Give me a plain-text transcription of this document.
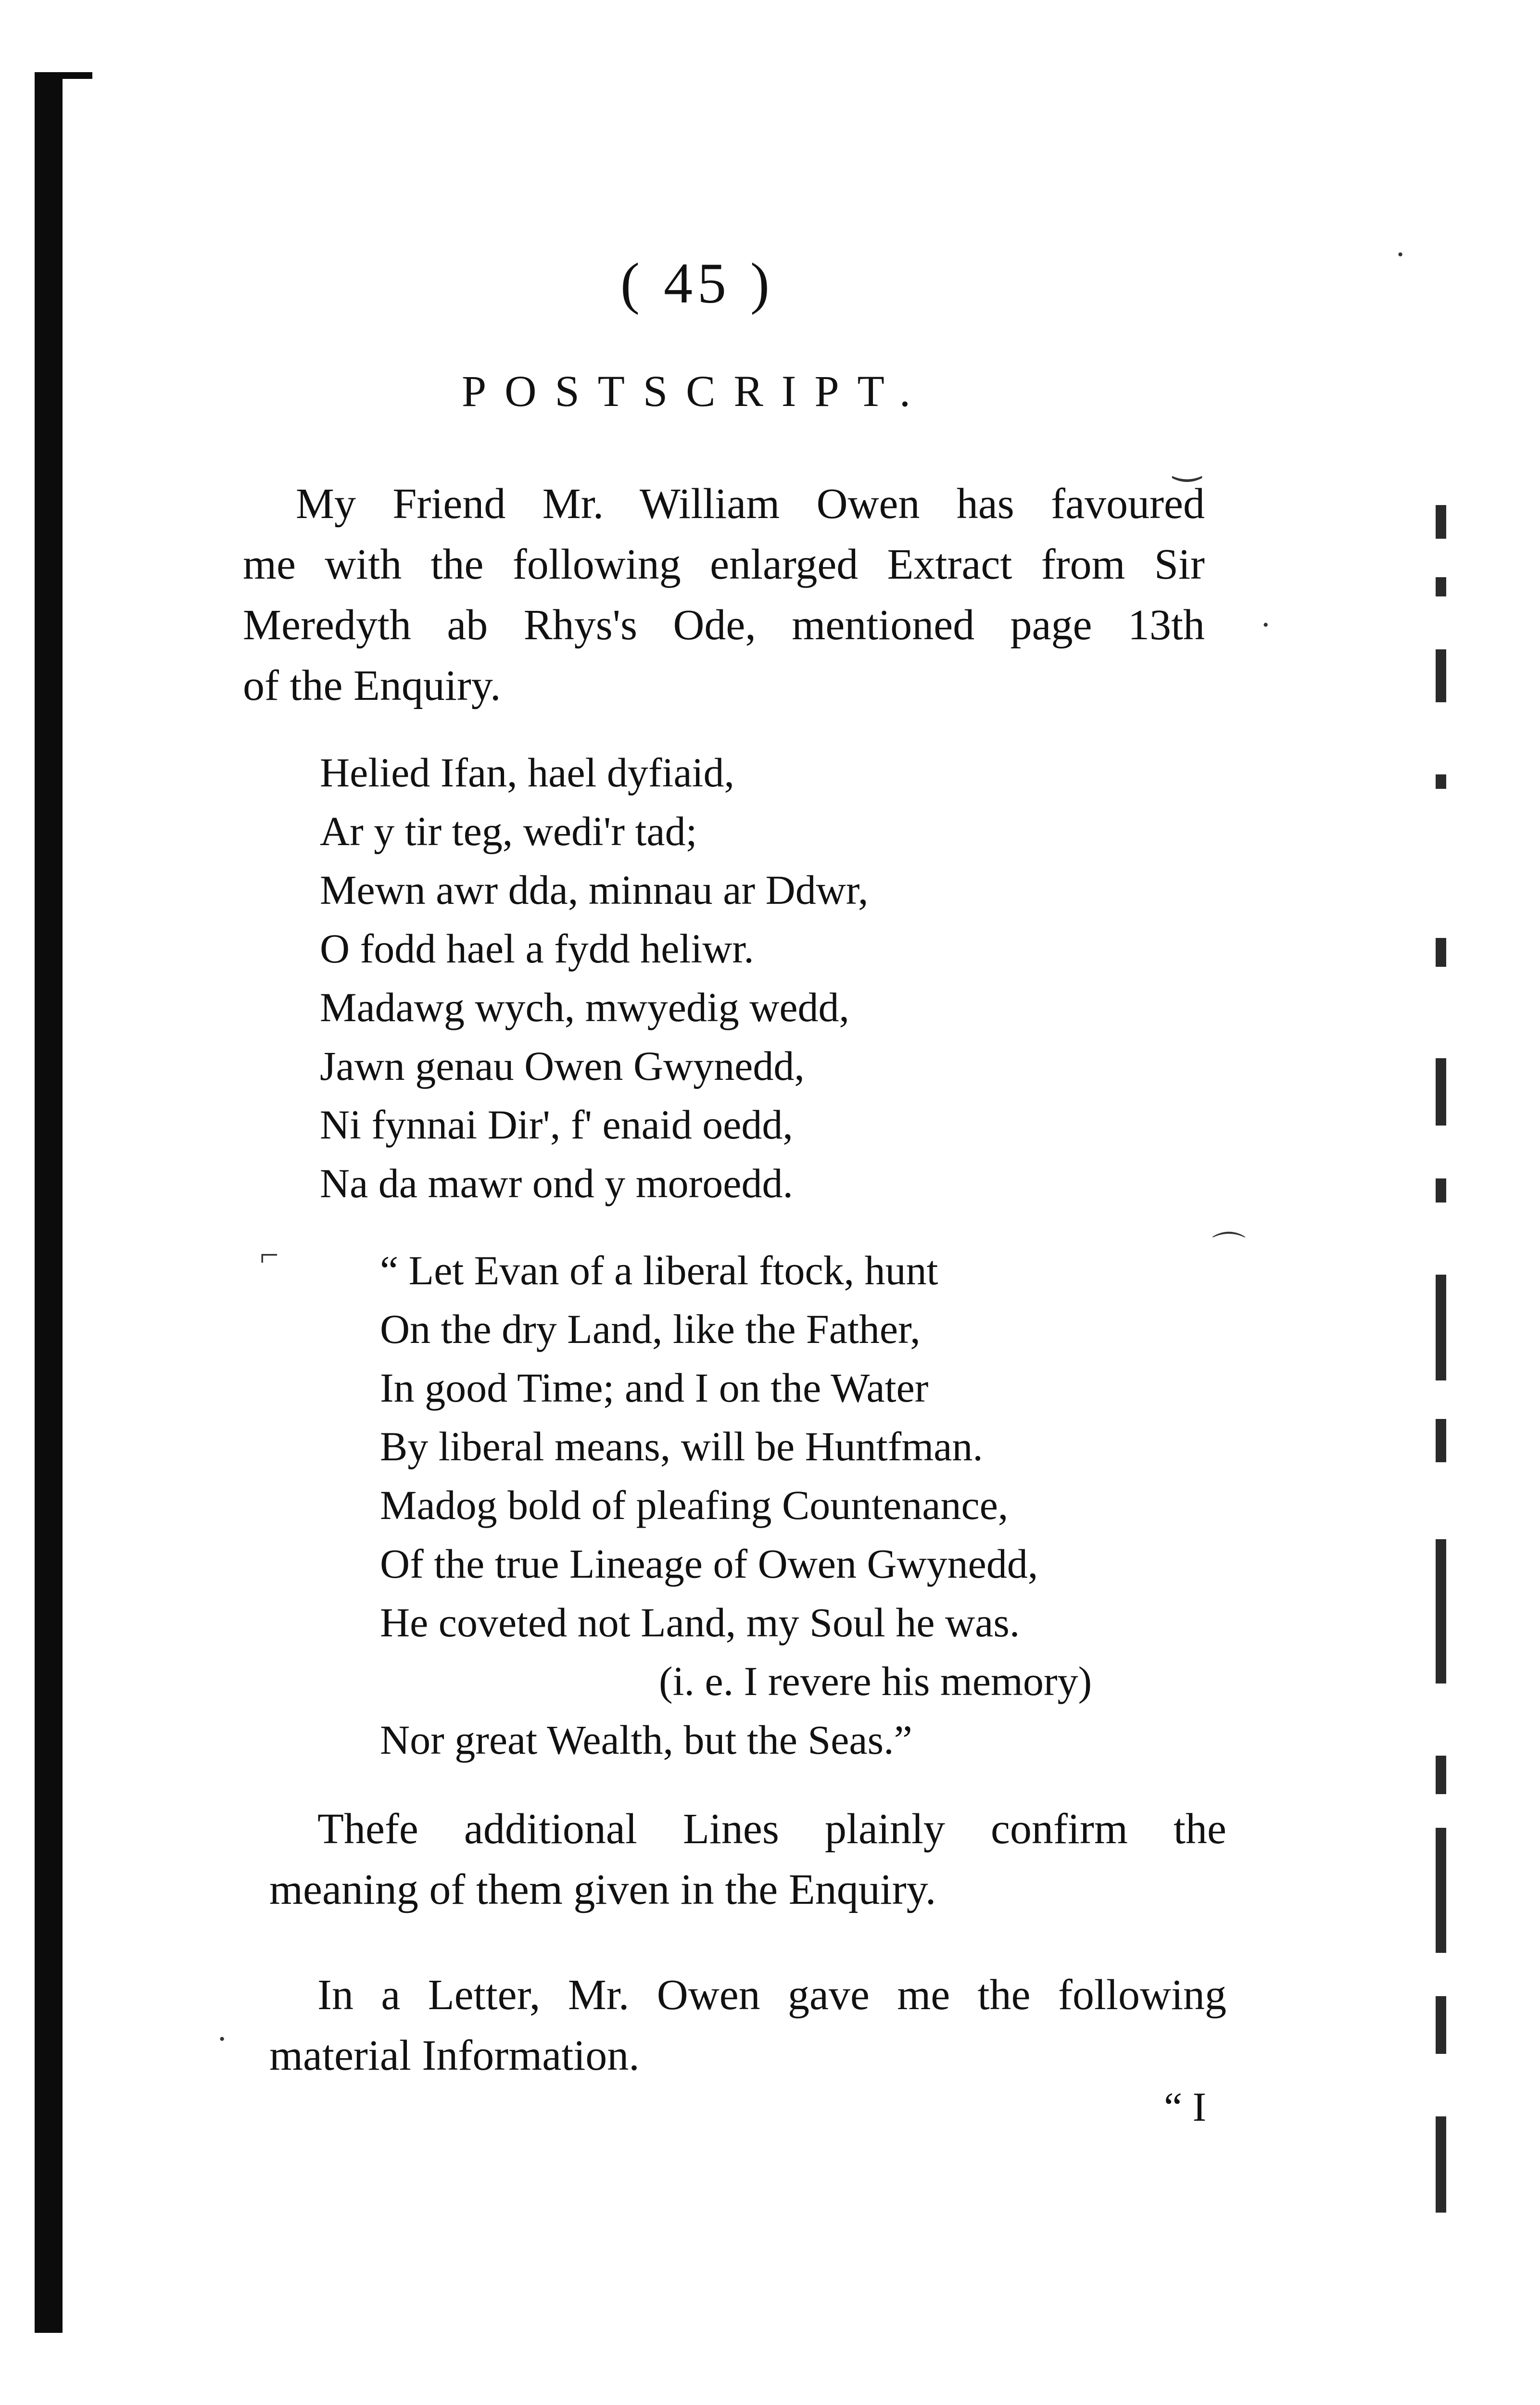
·
‿
·
⌐	⌒
·
( 45 )
POSTSCRIPT.
My Friend Mr. William Owen has favoured
me with the following enlarged Extract from Sir
Meredyth ab Rhys's Ode, mentioned page 13th
of the Enquiry.
Helied Ifan, hael dyfiaid,
Ar y tir teg, wedi'r tad;
Mewn awr dda, minnau ar Ddwr,
O fodd hael a fydd heliwr.
Madawg wych, mwyedig wedd,
Jawn genau Owen Gwynedd,
Ni fynnai Dir', f' enaid oedd,
Na da mawr ond y moroedd.
“ Let Evan of a liberal ftock, hunt
On the dry Land, like the Father,
In good Time; and I on the Water
By liberal means, will be Huntfman.
Madog bold of pleafing Countenance,
Of the true Lineage of Owen Gwynedd,
He coveted not Land, my Soul he was.
(i. e. I revere his memory)
Nor great Wealth, but the Seas.”
Thefe additional Lines plainly confirm the
meaning of them given in the Enquiry.
In a Letter, Mr. Owen gave me the following
material Information.
“ I
